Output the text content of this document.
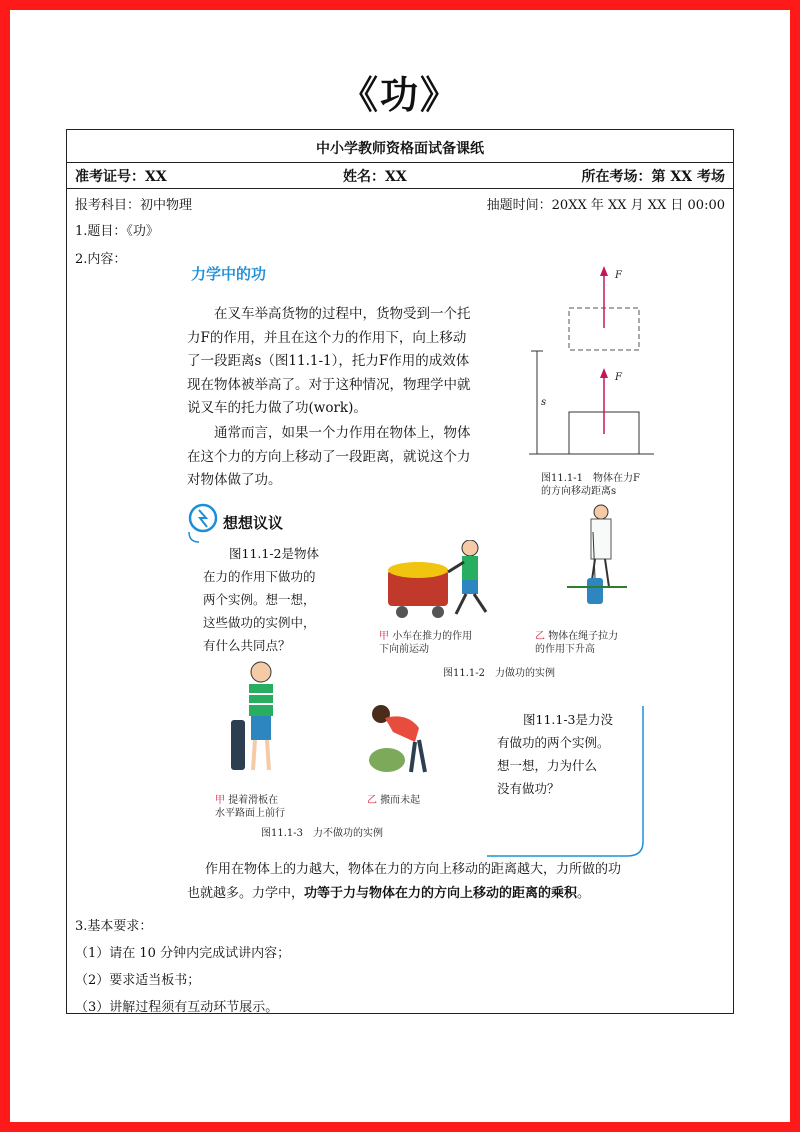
《功》
中小学教师资格面试备课纸
准考证号：XX	姓名：XX	所在考场：第 XX 考场
报考科目：初中物理	抽题时间：20XX 年 XX 月 XX 日 00:00
1.题目：《功》
2.内容：
力学中的功
在叉车举高货物的过程中，货物受到一个托
力F的作用，并且在这个力的作用下，向上移动
了一段距离s（图11.1-1），托力F作用的成效体
现在物体被举高了。对于这种情况，物理学中就
说叉车的托力做了功(work)。
通常而言，如果一个力作用在物体上，物体
在这个力的方向上移动了一段距离，就说这个力
对物体做了功。
F
F
s
图11.1-1　物体在力F
的方向移动距离s
想想议议
图11.1-2是物体
在力的作用下做功的
两个实例。想一想，
这些做功的实例中，
有什么共同点？
甲 小车在推力的作用
下向前运动
乙 物体在绳子拉力
的作用下升高
图11.1-2　力做功的实例
甲 提着滑板在
水平路面上前行
乙 搬而未起
图11.1-3是力没
有做功的两个实例。
想一想，力为什么
没有做功？
图11.1-3　力不做功的实例
作用在物体上的力越大，物体在力的方向上移动的距离越大，力所做的功
也就越多。力学中，功等于力与物体在力的方向上移动的距离的乘积。
3.基本要求：
（1）请在 10 分钟内完成试讲内容；
（2）要求适当板书；
（3）讲解过程须有互动环节展示。
